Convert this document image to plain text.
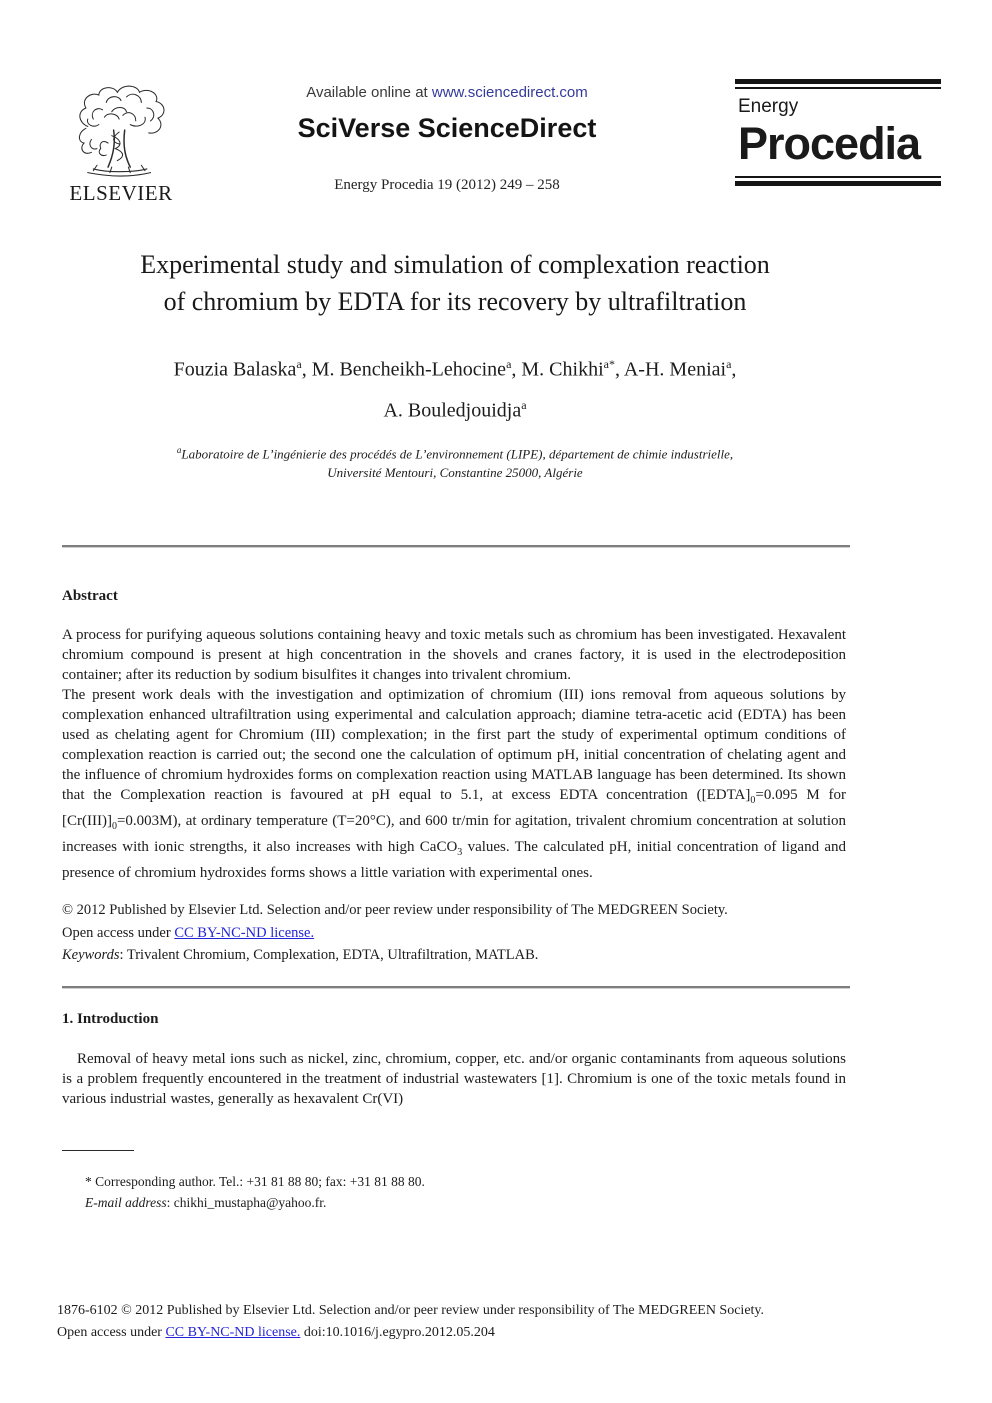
ELSEVIER
Available online at www.sciencedirect.com
SciVerse ScienceDirect
Energy Procedia 19 (2012) 249 – 258
Energy
Procedia
Experimental study and simulation of complexation reaction
of chromium by EDTA for its recovery by ultrafiltration
Fouzia Balaska$^a$, M. Bencheikh-Lehocine$^a$, M. Chikhi$^{a*}$, A-H. Meniai$^a$,
A. Bouledjouidja$^a$
$^a$Laboratoire de L’ingénierie des procédés de L’environnement (LIPE), département de chimie industrielle,
Université Mentouri, Constantine 25000, Algérie
Abstract

A process for purifying aqueous solutions containing heavy and toxic metals such as chromium has been investigated. Hexavalent chromium compound is present at high concentration in the shovels and cranes factory, it is used in the electrodeposition container; after its reduction by sodium bisulfites it changes into trivalent chromium.

The present work deals with the investigation and optimization of chromium (III) ions removal from aqueous solutions by complexation enhanced ultrafiltration using experimental and calculation approach; diamine tetra-acetic acid (EDTA) has been used as chelating agent for Chromium (III) complexation; in the first part the study of experimental optimum conditions of complexation reaction is carried out; the second one the calculation of optimum pH, initial concentration of chelating agent and the influence of chromium hydroxides forms on complexation reaction using MATLAB language has been determined. Its shown that the Complexation reaction is favoured at pH equal to 5.1, at excess EDTA concentration ($[EDTA]_0=0.095$ M for $[Cr(III)]_0=0.003M$), at ordinary temperature (T=20°C), and 600 tr/min for agitation, trivalent chromium concentration at solution increases with ionic strengths, it also increases with high CaCO$_3$ values. The calculated pH, initial concentration of ligand and presence of chromium hydroxides forms shows a little variation with experimental ones.

© 2012 Published by Elsevier Ltd. Selection and/or peer review under responsibility of The MEDGREEN Society.
Open access under CC BY-NC-ND license.
Keywords: Trivalent Chromium, Complexation, EDTA, Ultrafiltration, MATLAB.
1. Introduction
Removal of heavy metal ions such as nickel, zinc, chromium, copper, etc. and/or organic contaminants from aqueous solutions is a problem frequently encountered in the treatment of industrial wastewaters [1]. Chromium is one of the toxic metals found in various industrial wastes, generally as hexavalent Cr(VI)
* Corresponding author. Tel.: +31 81 88 80; fax: +31 81 88 80.
E-mail address: chikhi_mustapha@yahoo.fr.
1876-6102 © 2012 Published by Elsevier Ltd. Selection and/or peer review under responsibility of The MEDGREEN Society.
Open access under CC BY-NC-ND license. doi:10.1016/j.egypro.2012.05.204
